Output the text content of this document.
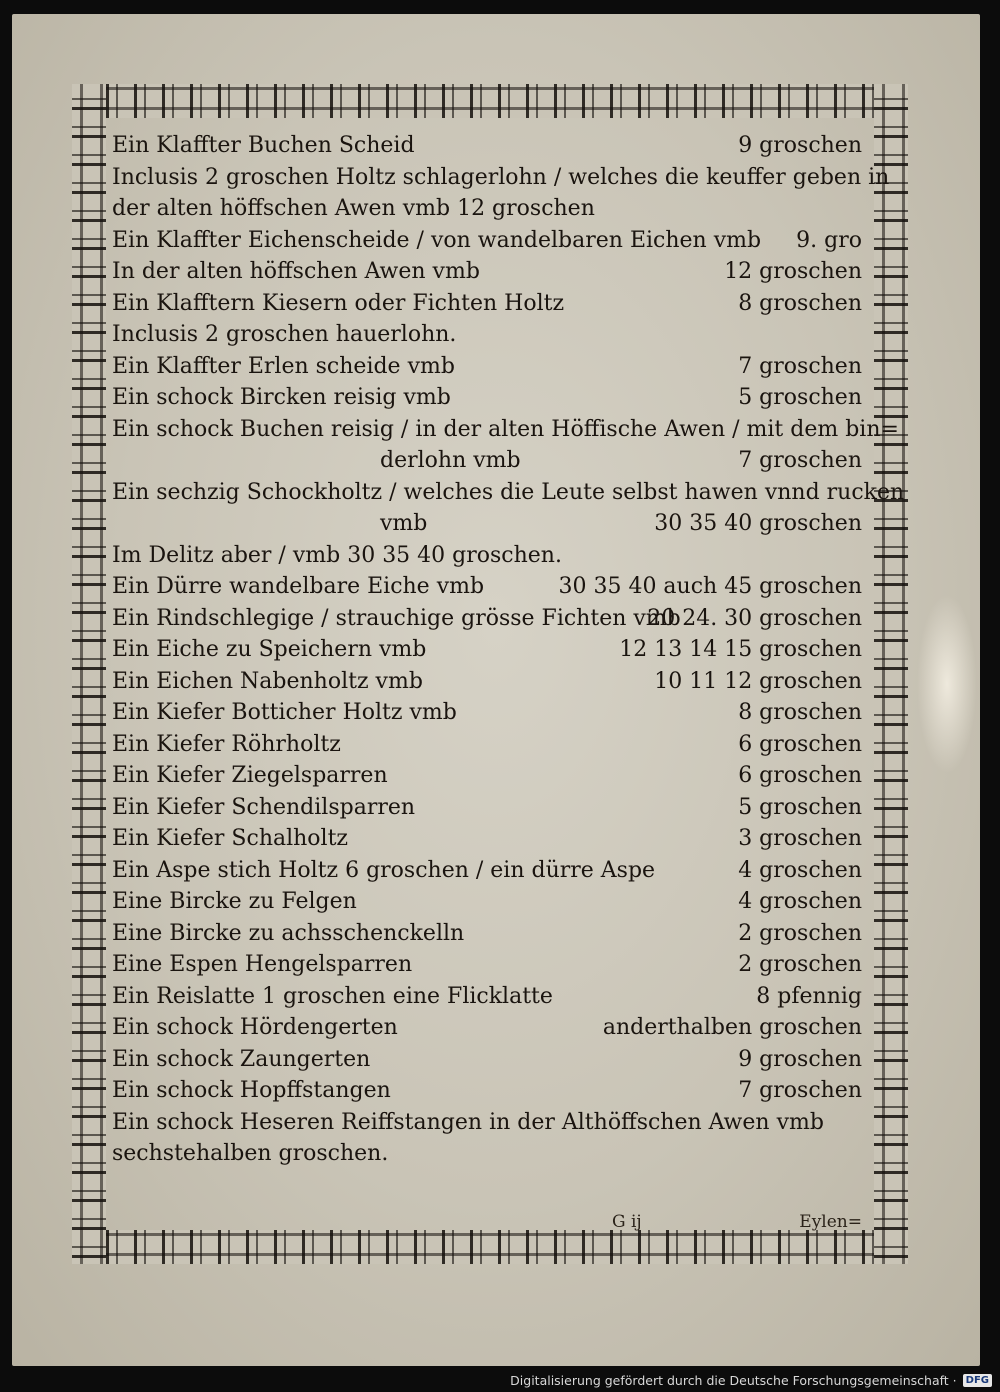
Ein Klaffter Buchen Scheid	9 groschen
Inclusis 2 groschen Holtz schlagerlohn / welches die keuffer geben in
der alten höffschen Awen vmb 12 groschen
Ein Klaffter Eichenscheide / von wandelbaren Eichen vmb 9. gro
In der alten höffschen Awen vmb	12 groschen
Ein Klafftern Kiesern oder Fichten Holtz	8 groschen
Inclusis 2 groschen hauerlohn.
Ein Klaffter Erlen scheide vmb	7 groschen
Ein schock Bircken reisig vmb	5 groschen
Ein schock Buchen reisig / in der alten Höffische Awen / mit dem bin=
derlohn vmb	7 groschen
Ein sechzig Schockholtz / welches die Leute selbst hawen vnnd rucken
vmb	30 35 40 groschen
Im Delitz aber / vmb 30 35 40 groschen.
Ein Dürre wandelbare Eiche vmb	30 35 40 auch 45 groschen
Ein Rindschlegige / strauchige grösse Fichten vmb
20 24. 30 groschen
Ein Eiche zu Speichern vmb	12 13 14 15 groschen
Ein Eichen Nabenholtz vmb	10 11 12 groschen
Ein Kiefer Botticher Holtz vmb	8 groschen
Ein Kiefer Röhrholtz	6 groschen
Ein Kiefer Ziegelsparren	6 groschen
Ein Kiefer Schendilsparren	5 groschen
Ein Kiefer Schalholtz	3 groschen
Ein Aspe stich Holtz 6 groschen / ein dürre Aspe	4 groschen
Eine Bircke zu Felgen	4 groschen
Eine Bircke zu achsschenckelln	2 groschen
Eine Espen Hengelsparren	2 groschen
Ein Reislatte 1 groschen eine Flicklatte	8 pfennig
Ein schock Hördengerten	anderthalben groschen
Ein schock Zaungerten	9 groschen
Ein schock Hopffstangen	7 groschen
Ein schock Heseren Reiffstangen in der Althöffschen Awen vmb
sechstehalben groschen.
G ij	Eylen=
Digitalisierung gefördert durch die Deutsche Forschungsgemeinschaft · DFG
